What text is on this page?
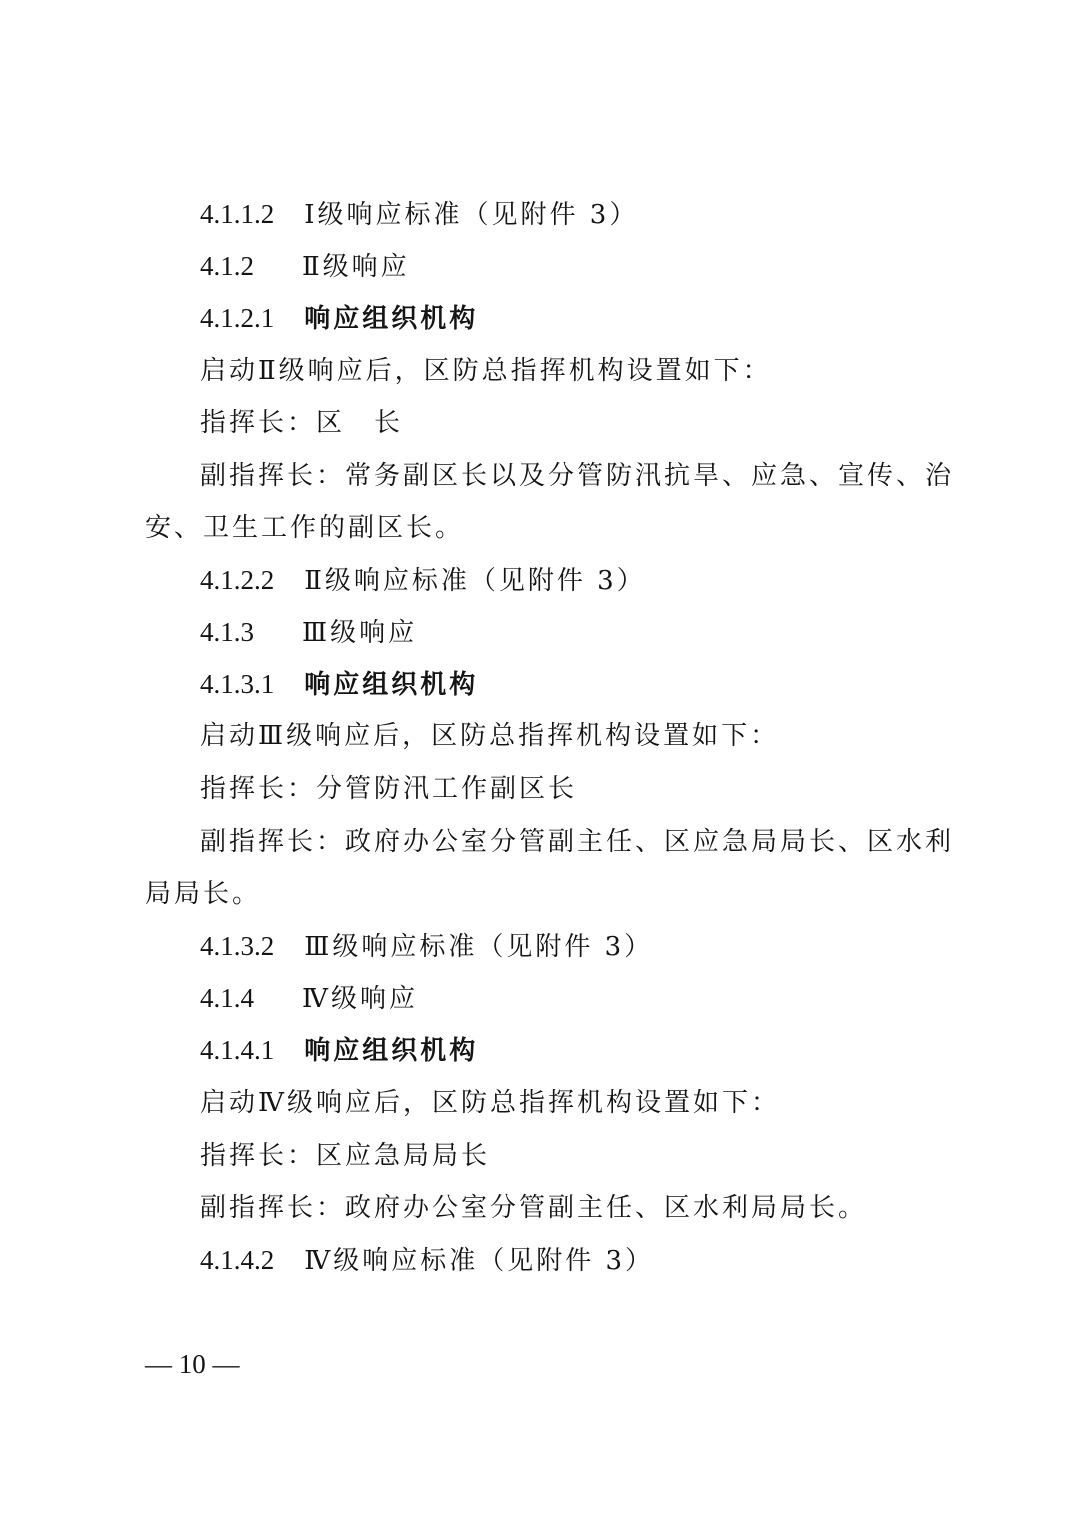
4.1.1.2 Ⅰ级响应标准（见附件 3）
4.1.2 Ⅱ级响应
4.1.2.1 响应组织机构
启动Ⅱ级响应后，区防总指挥机构设置如下：
指挥长：区　长
副指挥长：常务副区长以及分管防汛抗旱、应急、宣传、治
安、卫生工作的副区长。
4.1.2.2 Ⅱ级响应标准（见附件 3）
4.1.3 Ⅲ级响应
4.1.3.1 响应组织机构
启动Ⅲ级响应后，区防总指挥机构设置如下：
指挥长：分管防汛工作副区长
副指挥长：政府办公室分管副主任、区应急局局长、区水利
局局长。
4.1.3.2 Ⅲ级响应标准（见附件 3）
4.1.4 Ⅳ级响应
4.1.4.1 响应组织机构
启动Ⅳ级响应后，区防总指挥机构设置如下：
指挥长：区应急局局长
副指挥长：政府办公室分管副主任、区水利局局长。
4.1.4.2 Ⅳ级响应标准（见附件 3）
— 10 —
